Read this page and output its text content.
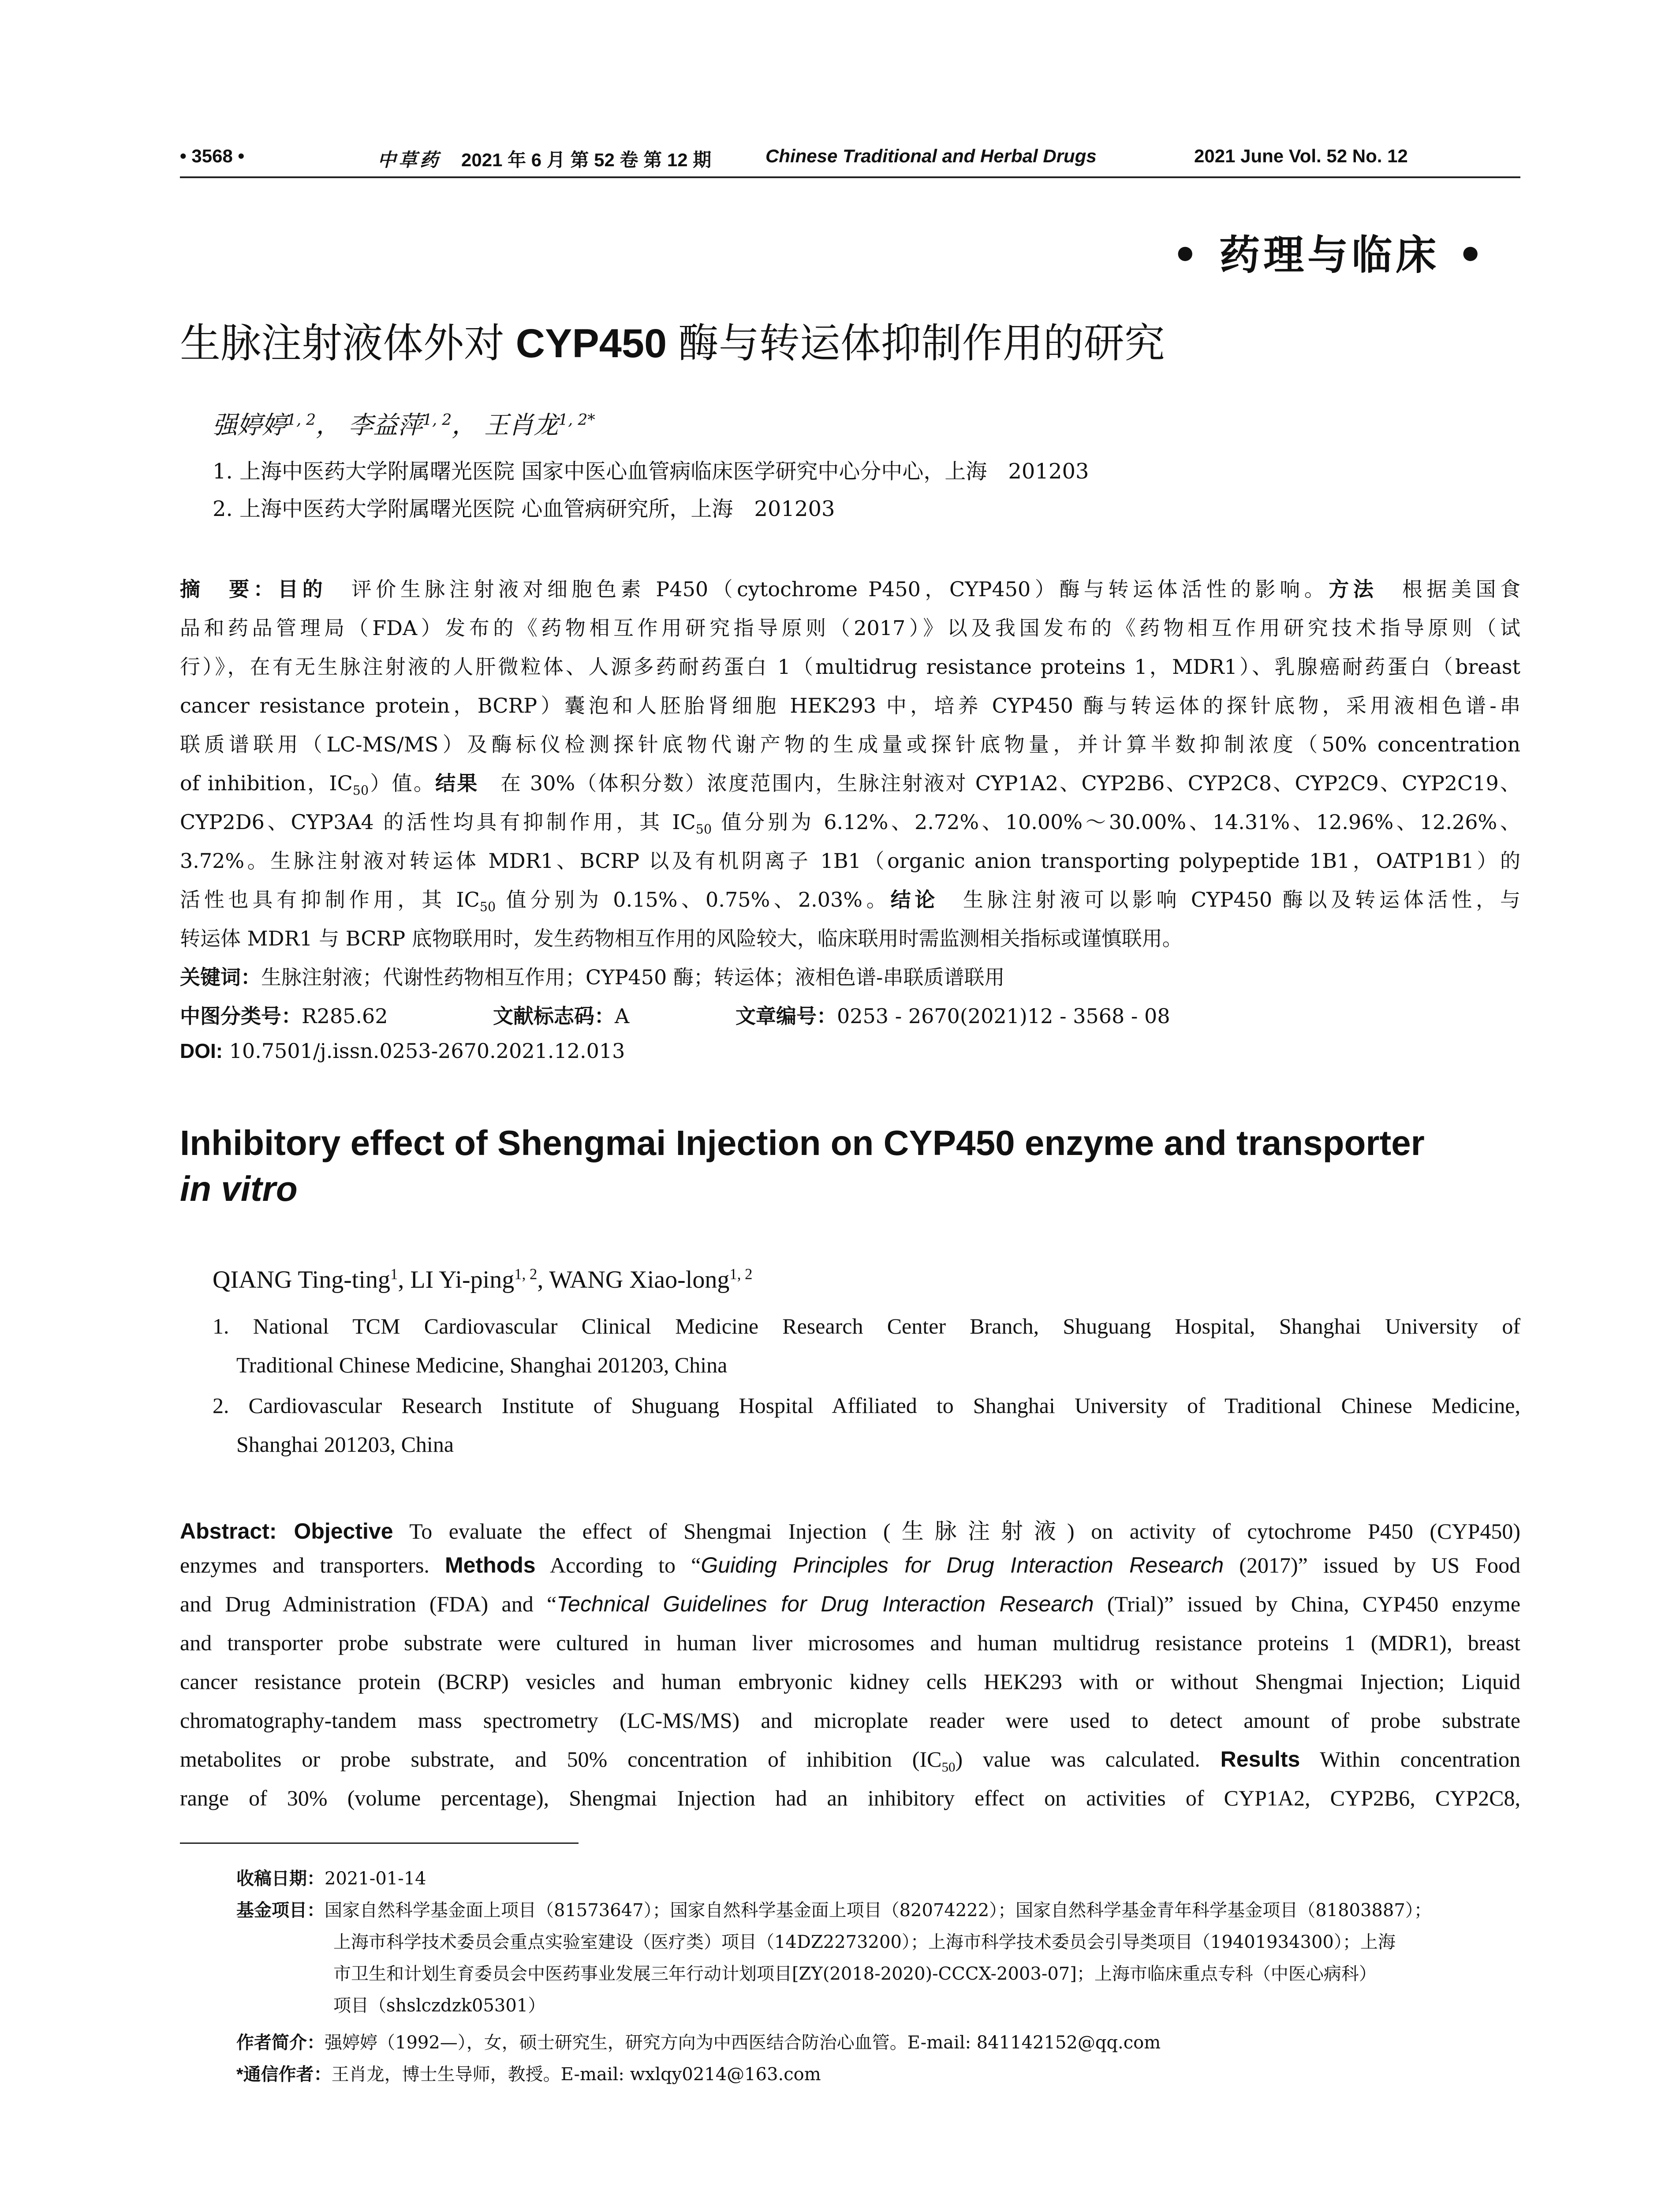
• 3568 •	中草药 2021 年 6 月 第 52 卷 第 12 期	Chinese Traditional and Herbal Drugs	2021 June Vol. 52 No. 12
• 药理与临床 •
生脉注射液体外对 CYP450 酶与转运体抑制作用的研究
强婷婷$^{1, 2}$， 李益萍$^{1, 2}$， 王肖龙$^{1, 2*}$
1. 上海中医药大学附属曙光医院 国家中医心血管病临床医学研究中心分中心，上海　201203
2. 上海中医药大学附属曙光医院 心血管病研究所，上海　201203
摘　要：目的　评价生脉注射液对细胞色素 P450（cytochrome P450，CYP450）酶与转运体活性的影响。方法　根据美国食
品和药品管理局（FDA）发布的《药物相互作用研究指导原则（2017）》以及我国发布的《药物相互作用研究技术指导原则（试
行）》，在有无生脉注射液的人肝微粒体、人源多药耐药蛋白 1（multidrug resistance proteins 1，MDR1）、乳腺癌耐药蛋白（breast
cancer resistance protein，BCRP）囊泡和人胚胎肾细胞 HEK293 中，培养 CYP450 酶与转运体的探针底物，采用液相色谱-串
联质谱联用（LC-MS/MS）及酶标仪检测探针底物代谢产物的生成量或探针底物量，并计算半数抑制浓度（50% concentration
of inhibition，$IC_{50}$）值。结果　在 30%（体积分数）浓度范围内，生脉注射液对 CYP1A2、CYP2B6、CYP2C8、CYP2C9、CYP2C19、
CYP2D6、CYP3A4 的活性均具有抑制作用，其 $IC_{50}$ 值分别为 6.12%、2.72%、10.00%～30.00%、14.31%、12.96%、12.26%、
3.72%。生脉注射液对转运体 MDR1、BCRP 以及有机阴离子 1B1（organic anion transporting polypeptide 1B1，OATP1B1）的
活性也具有抑制作用，其 $IC_{50}$ 值分别为 0.15%、0.75%、2.03%。结论　生脉注射液可以影响 CYP450 酶以及转运体活性，与
转运体 MDR1 与 BCRP 底物联用时，发生药物相互作用的风险较大，临床联用时需监测相关指标或谨慎联用。
关键词：生脉注射液；代谢性药物相互作用；CYP450 酶；转运体；液相色谱-串联质谱联用
中图分类号：R285.62	文献标志码：A	文章编号：0253 - 2670(2021)12 - 3568 - 08
DOI: 10.7501/j.issn.0253-2670.2021.12.013
Inhibitory effect of Shengmai Injection on CYP450 enzyme and transporter
in vitro
QIANG Ting-ting$^1$, LI Yi-ping$^{1, 2}$, WANG Xiao-long$^{1, 2}$
1. National TCM Cardiovascular Clinical Medicine Research Center Branch, Shuguang Hospital, Shanghai University of
Traditional Chinese Medicine, Shanghai 201203, China
2. Cardiovascular Research Institute of Shuguang Hospital Affiliated to Shanghai University of Traditional Chinese Medicine,
Shanghai 201203, China
Abstract: Objective To evaluate the effect of Shengmai Injection (生脉注射液) on activity of cytochrome P450 (CYP450)
enzymes and transporters. Methods According to “Guiding Principles for Drug Interaction Research (2017)” issued by US Food
and Drug Administration (FDA) and “Technical Guidelines for Drug Interaction Research (Trial)” issued by China, CYP450 enzyme
and transporter probe substrate were cultured in human liver microsomes and human multidrug resistance proteins 1 (MDR1), breast
cancer resistance protein (BCRP) vesicles and human embryonic kidney cells HEK293 with or without Shengmai Injection; Liquid
chromatography-tandem mass spectrometry (LC-MS/MS) and microplate reader were used to detect amount of probe substrate
metabolites or probe substrate, and 50% concentration of inhibition $(IC_{50})$ value was calculated. Results Within concentration
range of 30% (volume percentage), Shengmai Injection had an inhibitory effect on activities of CYP1A2, CYP2B6, CYP2C8,
收稿日期：2021-01-14
基金项目：国家自然科学基金面上项目（81573647）；国家自然科学基金面上项目（82074222）；国家自然科学基金青年科学基金项目（81803887）；
上海市科学技术委员会重点实验室建设（医疗类）项目（14DZ2273200）；上海市科学技术委员会引导类项目（19401934300）；上海
市卫生和计划生育委员会中医药事业发展三年行动计划项目[ZY(2018-2020)-CCCX-2003-07]；上海市临床重点专科（中医心病科）
项目（shslczdzk05301）
作者简介：强婷婷（1992—），女，硕士研究生，研究方向为中西医结合防治心血管。E-mail: 841142152@qq.com
*通信作者：王肖龙，博士生导师，教授。E-mail: wxlqy0214@163.com
